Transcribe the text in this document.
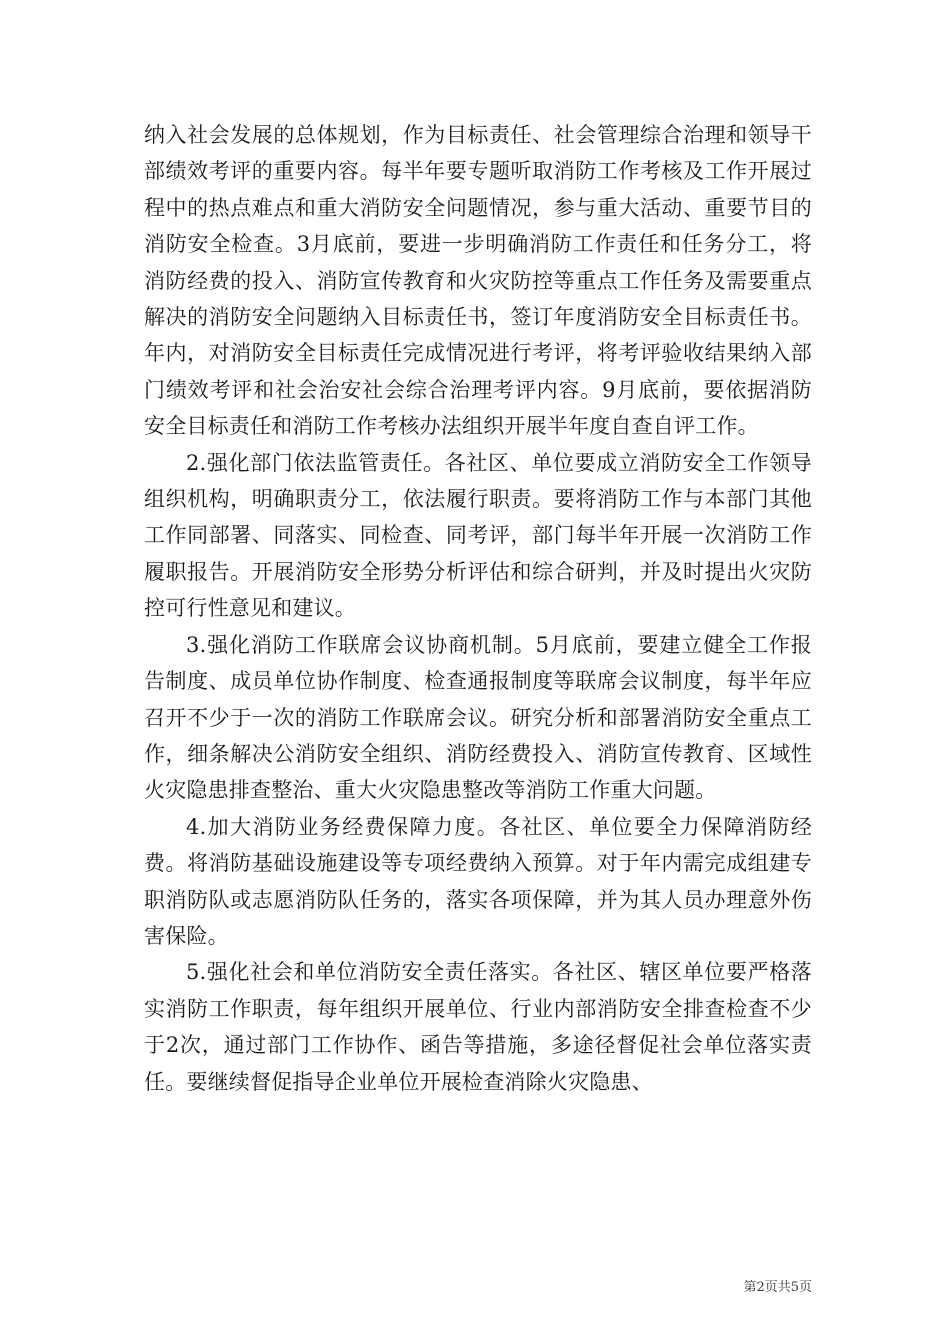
纳入社会发展的总体规划，作为目标责任、社会管理综合治理和领导干部绩效考评的重要内容。每半年要专题听取消防工作考核及工作开展过程中的热点难点和重大消防安全问题情况，参与重大活动、重要节目的消防安全检查。3月底前，要进一步明确消防工作责任和任务分工，将消防经费的投入、消防宣传教育和火灾防控等重点工作任务及需要重点解决的消防安全问题纳入目标责任书，签订年度消防安全目标责任书。年内，对消防安全目标责任完成情况进行考评，将考评验收结果纳入部门绩效考评和社会治安社会综合治理考评内容。9月底前，要依据消防安全目标责任和消防工作考核办法组织开展半年度自查自评工作。

2.强化部门依法监管责任。各社区、单位要成立消防安全工作领导组织机构，明确职责分工，依法履行职责。要将消防工作与本部门其他工作同部署、同落实、同检查、同考评，部门每半年开展一次消防工作履职报告。开展消防安全形势分析评估和综合研判，并及时提出火灾防控可行性意见和建议。

3.强化消防工作联席会议协商机制。5月底前，要建立健全工作报告制度、成员单位协作制度、检查通报制度等联席会议制度，每半年应召开不少于一次的消防工作联席会议。研究分析和部署消防安全重点工作，细条解决公消防安全组织、消防经费投入、消防宣传教育、区域性火灾隐患排查整治、重大火灾隐患整改等消防工作重大问题。

4.加大消防业务经费保障力度。各社区、单位要全力保障消防经费。将消防基础设施建设等专项经费纳入预算。对于年内需完成组建专职消防队或志愿消防队任务的，落实各项保障，并为其人员办理意外伤害保险。

5.强化社会和单位消防安全责任落实。各社区、辖区单位要严格落实消防工作职责，每年组织开展单位、行业内部消防安全排查检查不少于2次，通过部门工作协作、函告等措施，多途径督促社会单位落实责任。要继续督促指导企业单位开展检查消除火灾隐患、

第2页共5页
